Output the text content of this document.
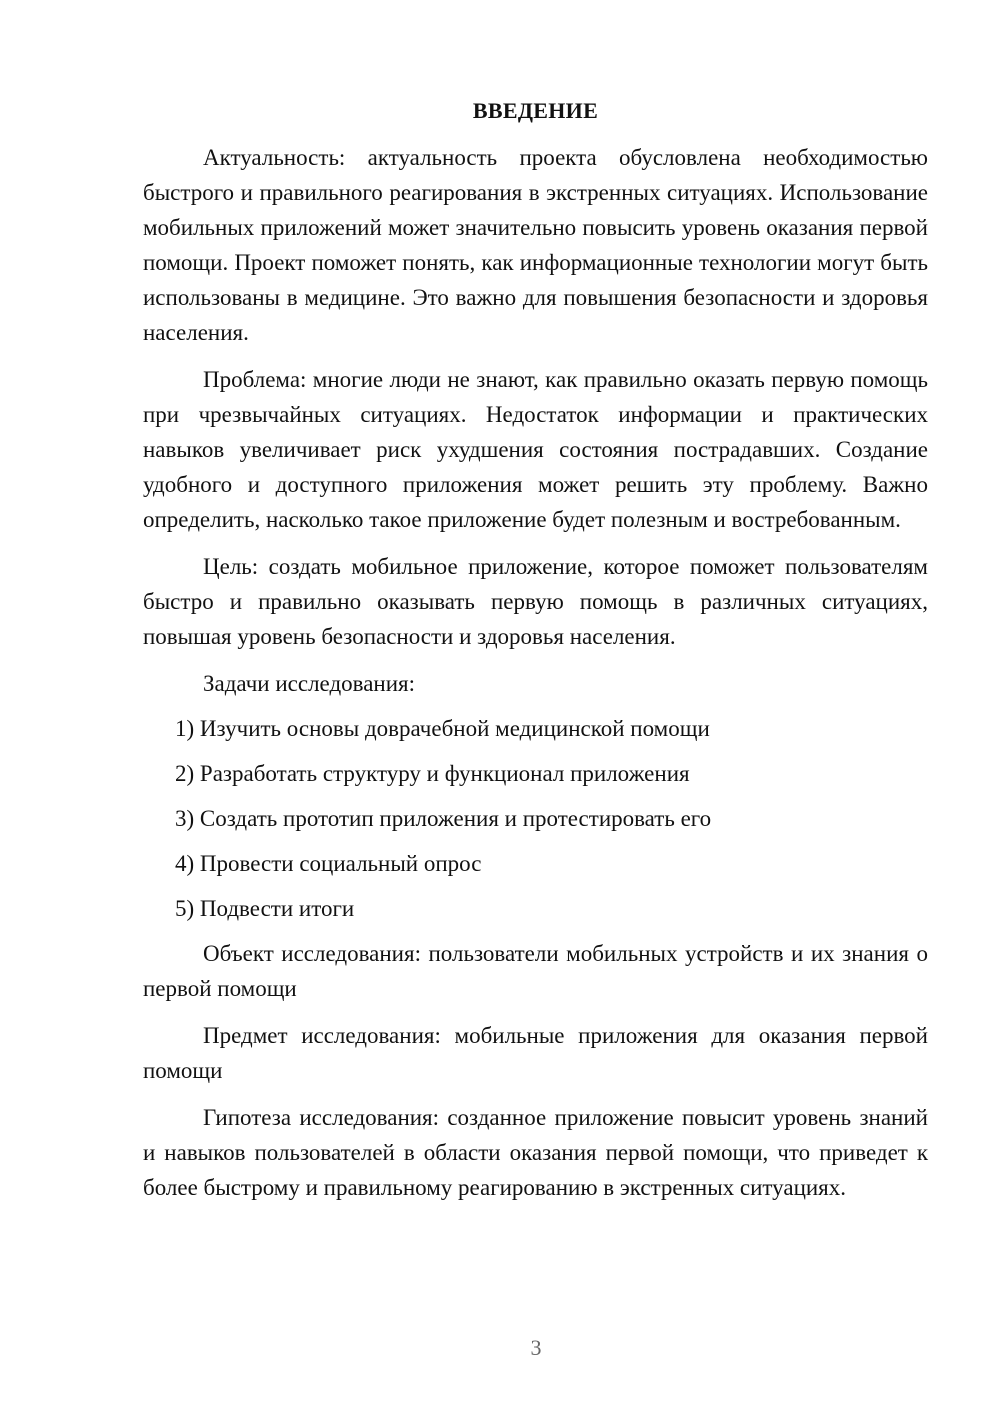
ВВЕДЕНИЕ

Актуальность: актуальность проекта обусловлена необходимостью быстрого и правильного реагирования в экстренных ситуациях. Использование мобильных приложений может значительно повысить уровень оказания первой помощи. Проект поможет понять, как информационные технологии могут быть использованы в медицине. Это важно для повышения безопасности и здоровья населения.

Проблема: многие люди не знают, как правильно оказать первую помощь при чрезвычайных ситуациях. Недостаток информации и практических навыков увеличивает риск ухудшения состояния пострадавших. Создание удобного и доступного приложения может решить эту проблему. Важно определить, насколько такое приложение будет полезным и востребованным.

Цель: создать мобильное приложение, которое поможет пользователям быстро и правильно оказывать первую помощь в различных ситуациях, повышая уровень безопасности и здоровья населения.

Задачи исследования:

1) Изучить основы доврачебной медицинской помощи
2) Разработать структуру и функционал приложения
3) Создать прототип приложения и протестировать его
4) Провести социальный опрос
5) Подвести итоги

Объект исследования: пользователи мобильных устройств и их знания о первой помощи

Предмет исследования: мобильные приложения для оказания первой помощи

Гипотеза исследования: созданное приложение повысит уровень знаний и навыков пользователей в области оказания первой помощи, что приведет к более быстрому и правильному реагированию в экстренных ситуациях.

3
